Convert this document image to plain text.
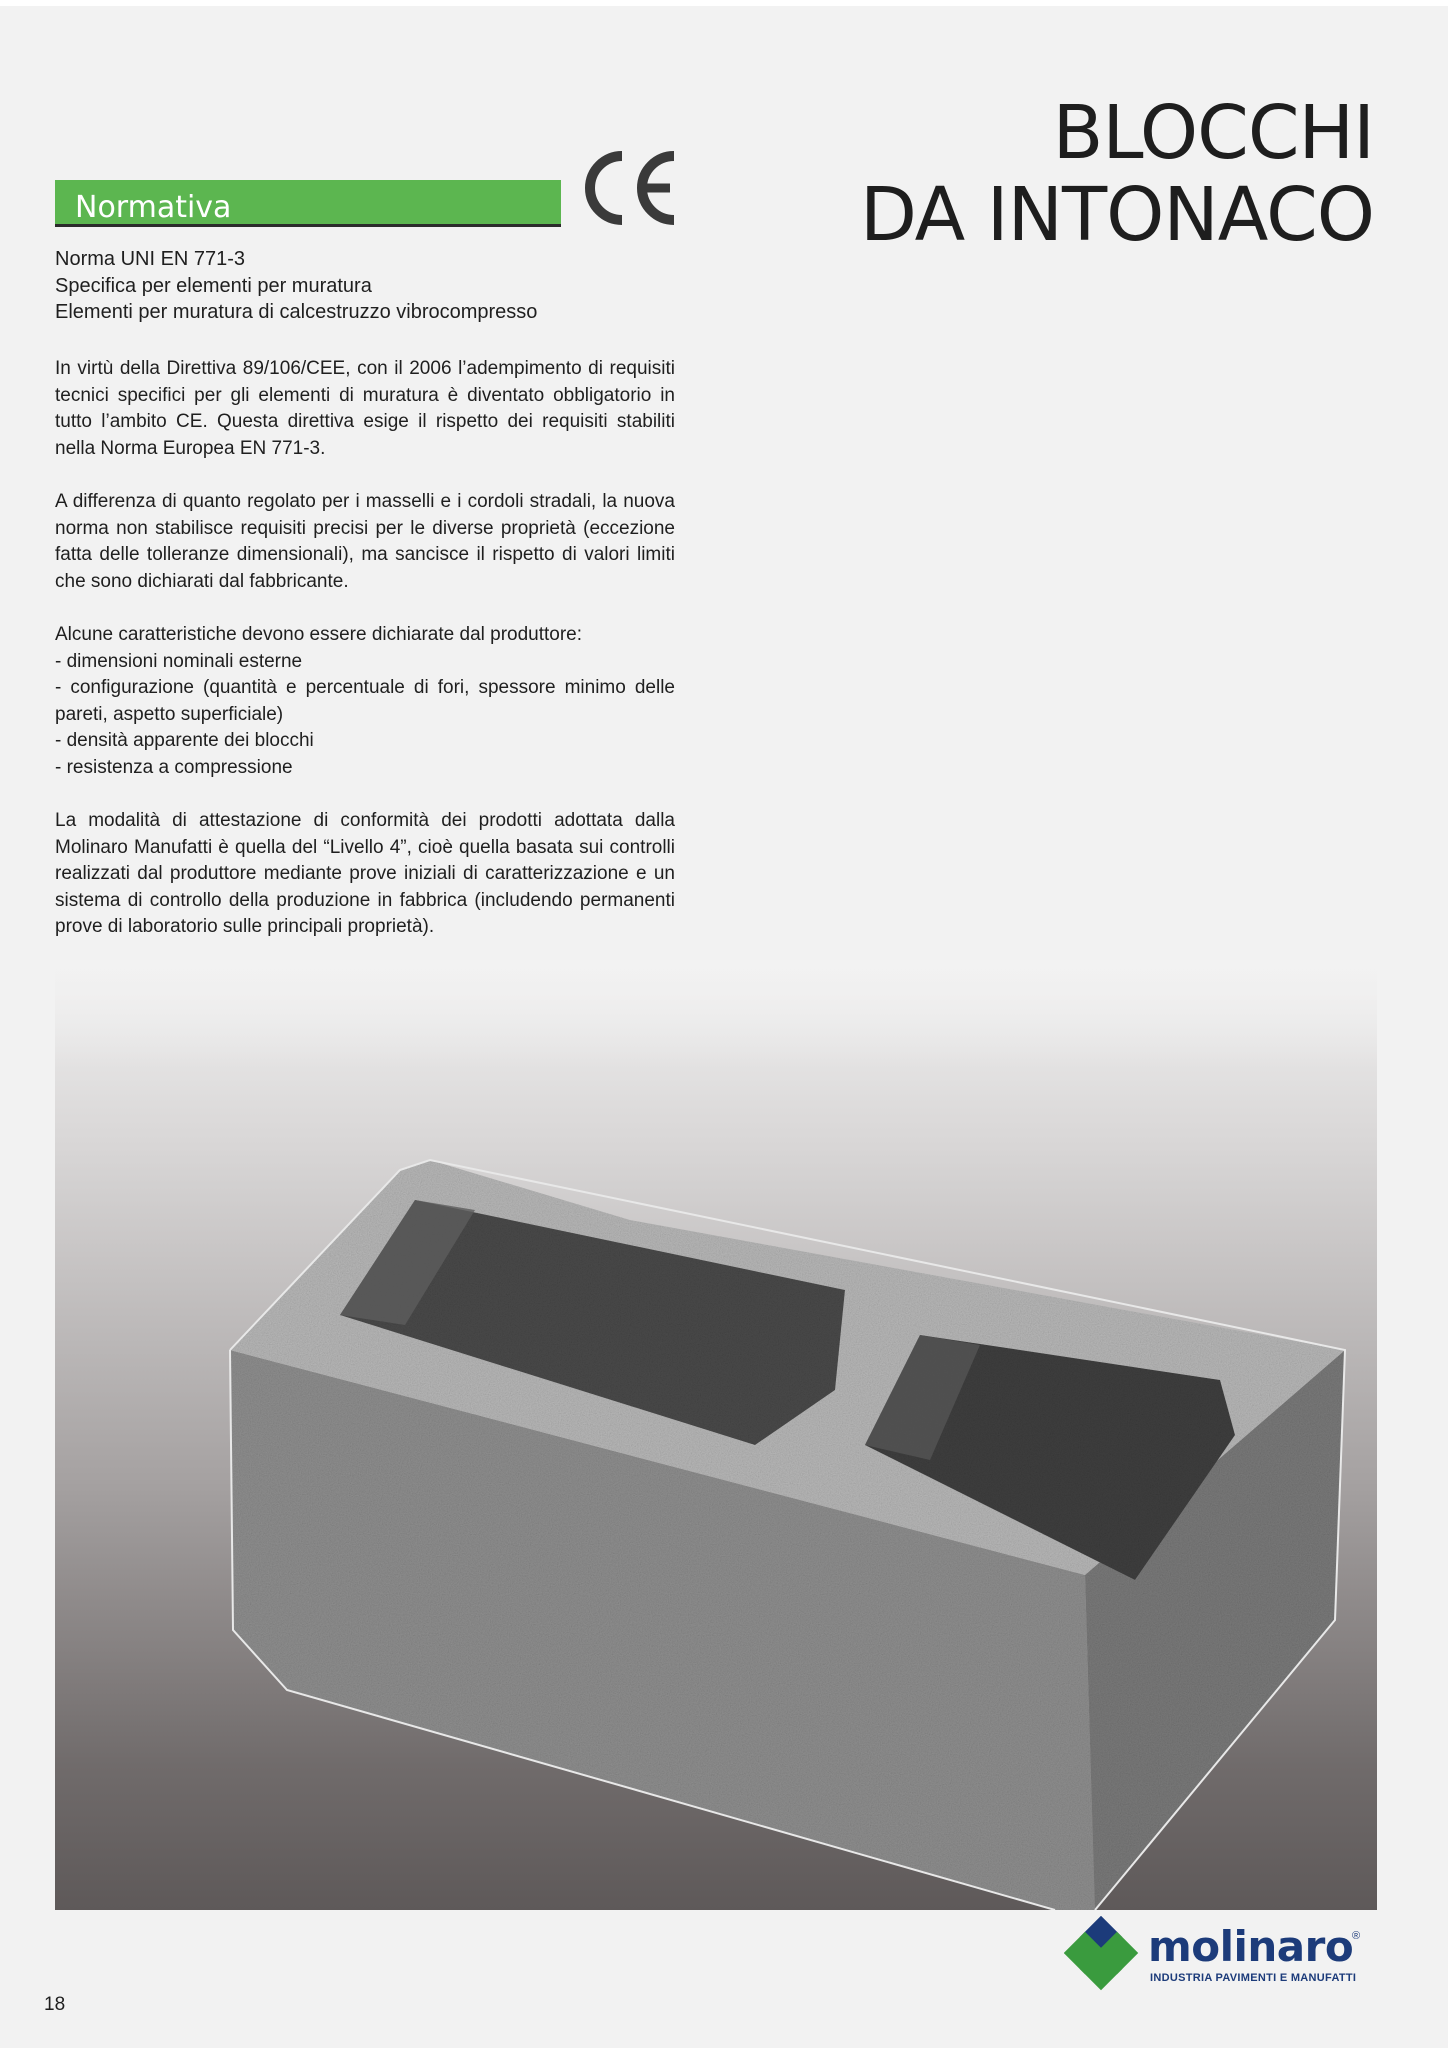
BLOCCHI
DA INTONACO
Normativa
Norma UNI EN 771-3
Specifica per elementi per muratura
Elementi per muratura di calcestruzzo vibrocompresso

In virtù della Direttiva 89/106/CEE, con il 2006 l’adempimento di requisiti tecnici specifici per gli elementi di muratura è diventato obbligatorio in tutto l’ambito CE. Questa direttiva esige il rispetto dei requisiti stabiliti nella Norma Europea EN 771-3.

A differenza di quanto regolato per i masselli e i cordoli stradali, la nuova norma non stabilisce requisiti precisi per le diverse proprietà (eccezione fatta delle tolleranze dimensionali), ma sancisce il rispetto di valori limiti che sono dichiarati dal fabbricante.

Alcune caratteristiche devono essere dichiarate dal produttore:
- dimensioni nominali esterne
- configurazione (quantità e percentuale di fori, spessore minimo delle pareti, aspetto superficiale)
- densità apparente dei blocchi
- resistenza a compressione

La modalità di attestazione di conformità dei prodotti adottata dalla Molinaro Manufatti è quella del “Livello 4”, cioè quella basata sui controlli realizzati dal produttore mediante prove iniziali di caratterizzazione e un sistema di controllo della produzione in fabbrica (includendo permanenti prove di laboratorio sulle principali proprietà).

molinaro
®
INDUSTRIA PAVIMENTI E MANUFATTI
18
